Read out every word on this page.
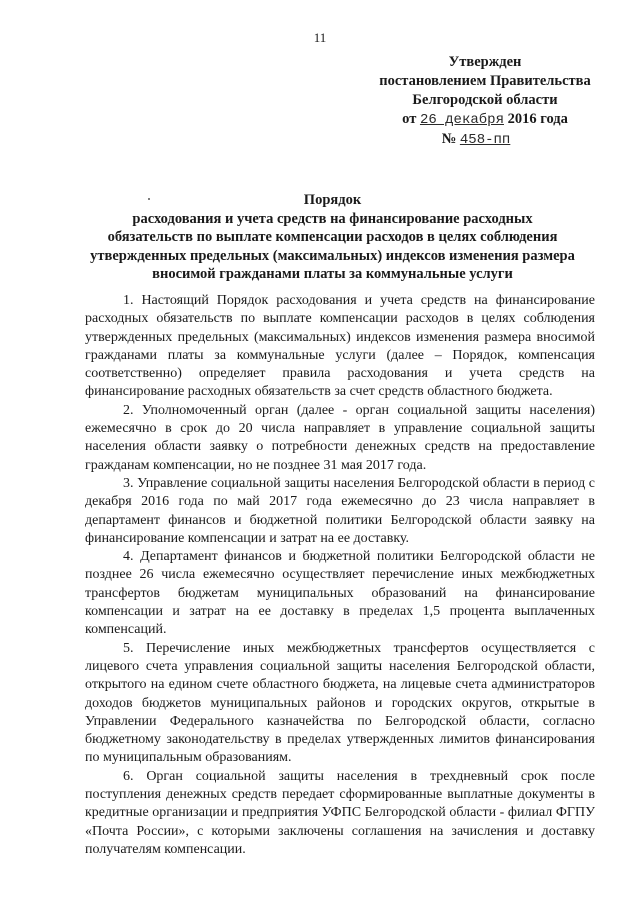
11
Утвержден
постановлением Правительства
Белгородской области
от 26 декабря 2016 года
№ 458-пп
Порядок
расходования и учета средств на финансирование расходных
обязательств по выплате компенсации расходов в целях соблюдения
утвержденных предельных (максимальных) индексов изменения размера
вносимой гражданами платы за коммунальные услуги

1. Настоящий Порядок расходования и учета средств на финансирование расходных обязательств по выплате компенсации расходов в целях соблюдения утвержденных предельных (максимальных) индексов изменения размера вносимой гражданами платы за коммунальные услуги (далее – Порядок, компенсация соответственно) определяет правила расходования и учета средств на финансирование расходных обязательств за счет средств областного бюджета.

2. Уполномоченный орган (далее - орган социальной защиты населения) ежемесячно в срок до 20 числа направляет в управление социальной защиты населения области заявку о потребности денежных средств на предоставление гражданам компенсации, но не позднее 31 мая 2017 года.

3. Управление социальной защиты населения Белгородской области в период с декабря 2016 года по май 2017 года ежемесячно до 23 числа направляет в департамент финансов и бюджетной политики Белгородской области заявку на финансирование компенсации и затрат на ее доставку.

4. Департамент финансов и бюджетной политики Белгородской области не позднее 26 числа ежемесячно осуществляет перечисление иных межбюджетных трансфертов бюджетам муниципальных образований на финансирование компенсации и затрат на ее доставку в пределах 1,5 процента выплаченных компенсаций.

5. Перечисление иных межбюджетных трансфертов осуществляется с лицевого счета управления социальной защиты населения Белгородской области, открытого на едином счете областного бюджета, на лицевые счета администраторов доходов бюджетов муниципальных районов и городских округов, открытые в Управлении Федерального казначейства по Белгородской области, согласно бюджетному законодательству в пределах утвержденных лимитов финансирования по муниципальным образованиям.

6. Орган социальной защиты населения в трехдневный срок после поступления денежных средств передает сформированные выплатные документы в кредитные организации и предприятия УФПС Белгородской области - филиал ФГПУ «Почта России», с которыми заключены соглашения на зачисления и доставку получателям компенсации.
